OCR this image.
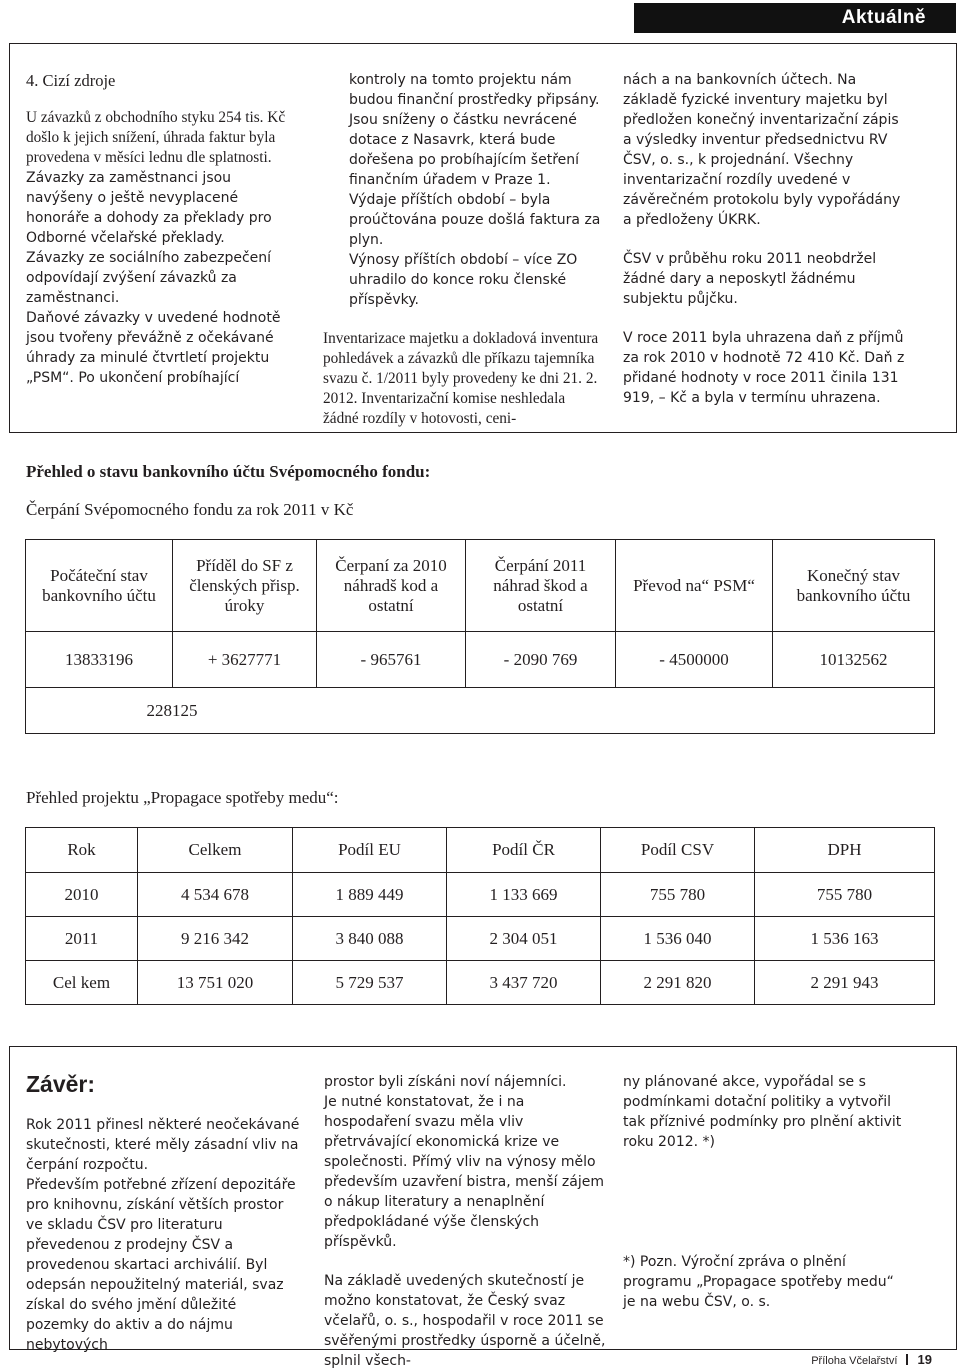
Aktuálně

4. Cizí zdroje

U závazků z obchodního styku 254 tis. Kč došlo k jejich snížení, úhrada faktur byla provedena v měsíci lednu dle splatnosti.

Závazky za zaměstnanci jsou navýšeny o ještě nevyplacené honoráře a dohody za překlady pro Odborné včelařské překlady.

Závazky ze sociálního zabezpečení odpovídají zvýšení závazků za zaměstnanci.

Daňové závazky v uvedené hodnotě jsou tvořeny převážně z očekávané úhrady za minulé čtvrtletí projektu „PSM“. Po ukončení probíhající

kontroly na tomto projektu nám budou finanční prostředky připsány. Jsou sníženy o částku nevrácené dotace z Nasavrk, která bude dořešena po probíhajícím šetření finančním úřadem v Praze 1.

Výdaje příštích období – byla proúčtována pouze došlá faktura za plyn.

Výnosy příštích období – více ZO uhradilo do konce roku členské příspěvky.

Inventarizace majetku a dokladová inventura pohledávek a závazků dle příkazu tajemníka svazu č. 1/2011 byly provedeny ke dni 21. 2. 2012. Inventarizační komise neshledala žádné rozdíly v hotovosti, ceni-

nách a na bankovních účtech. Na základě fyzické inventury majetku byl předložen konečný inventarizační zápis a výsledky inventur předsednictvu RV ČSV, o. s., k projednání. Všechny inventarizační rozdíly uvedené v závěrečném protokolu byly vypořádány a předloženy ÚKRK.

ČSV v průběhu roku 2011 neobdržel žádné dary a neposkytl žádnému subjektu půjčku.

V roce 2011 byla uhrazena daň z příjmů za rok 2010 v hodnotě 72 410 Kč. Daň z přidané hodnoty v roce 2011 činila 131 919, – Kč a byla v termínu uhrazena.

Přehled o stavu bankovního účtu Svépomocného fondu:
Čerpání Svépomocného fondu za rok 2011 v Kč
Počáteční stav bankovního účtu	Příděl do SF z členských přisp. úroky	Čerpaní za 2010 náhradš kod a ostatní	Čerpání 2011 náhrad škod a ostatní	Převod na“ PSM“	Konečný stav bankovního účtu
13833196	+ 3627771	- 965761	- 2090 769	- 4500000	10132562
228125					
Přehled projektu „Propagace spotřeby medu“:
Rok	Celkem	Podíl EU	Podíl ČR	Podíl CSV	DPH
2010	4 534 678	1 889 449	1 133 669	755 780	755 780
2011	9 216 342	3 840 088	2 304 051	1 536 040	1 536 163
Cel kem	13 751 020	5 729 537	3 437 720	2 291 820	2 291 943
Závěr:

Rok 2011 přinesl některé neočekávané skutečnosti, které měly zásadní vliv na čerpání rozpočtu.

Především potřebné zřízení depozitáře pro knihovnu, získání větších prostor ve skladu ČSV pro literaturu převedenou z prodejny ČSV a provedenou skartaci archiválií. Byl odepsán nepoužitelný materiál, svaz získal do svého jmění důležité pozemky do aktiv a do nájmu nebytových

prostor byli získáni noví nájemníci.

Je nutné konstatovat, že i na hospodaření svazu měla vliv přetrvávající ekonomická krize ve společnosti. Přímý vliv na výnosy mělo především uzavření bistra, menší zájem o nákup literatury a nenaplnění předpokládané výše členských příspěvků.

Na základě uvedených skutečností je možno konstatovat, že Český svaz včelařů, o. s., hospodařil v roce 2011 se svěřenými prostředky úsporně a účelně, splnil všech-

ny plánované akce, vypořádal se s podmínkami dotační politiky a vytvořil tak příznivé podmínky pro plnění aktivit roku 2012. *)

*) Pozn. Výroční zpráva o plnění programu „Propagace spotřeby medu“ je na webu ČSV, o. s.

Příloha Včelařství 19
